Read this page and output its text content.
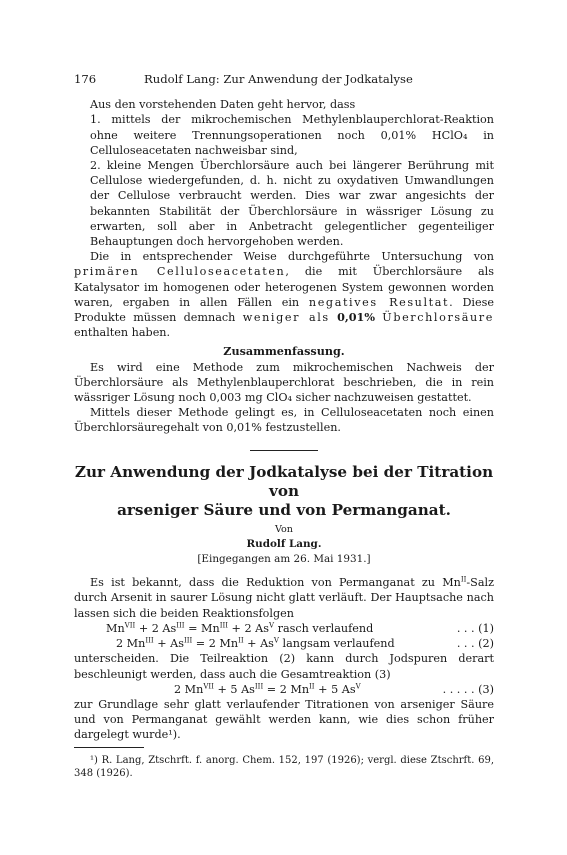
176	Rudolf Lang: Zur Anwendung der Jodkatalyse

Aus den vorstehenden Daten geht hervor, dass

1. mittels der mikrochemischen Methylenblauperchlorat-Reaktion ohne weitere Trennungsoperationen noch 0,01% HClO₄ in Celluloseacetaten nachweisbar sind,
2. kleine Mengen Überchlorsäure auch bei längerer Berührung mit Cellulose wiedergefunden, d. h. nicht zu oxydativen Umwandlungen der Cellulose verbraucht werden. Dies war zwar angesichts der bekannten Stabilität der Überchlorsäure in wässriger Lösung zu erwarten, soll aber in Anbetracht gelegentlicher gegenteiliger Behauptungen doch hervorgehoben werden.

Die in entsprechender Weise durchgeführte Untersuchung von primären Celluloseacetaten, die mit Überchlorsäure als Katalysator im homogenen oder heterogenen System gewonnen worden waren, ergaben in allen Fällen ein negatives Resultat. Diese Produkte müssen demnach weniger als 0,01% Überchlorsäure enthalten haben.

Zusammenfassung.

Es wird eine Methode zum mikrochemischen Nachweis der Überchlorsäure als Methylenblauperchlorat beschrieben, die in rein wässriger Lösung noch 0,003 mg ClO₄ sicher nachzuweisen gestattet.

Mittels dieser Methode gelingt es, in Celluloseacetaten noch einen Überchlorsäuregehalt von 0,01% festzustellen.

Zur Anwendung der Jodkatalyse bei der Titration von
arseniger Säure und von Permanganat.
Von
Rudolf Lang.
[Eingegangen am 26. Mai 1931.]

Es ist bekannt, dass die Reduktion von Permanganat zu $Mn^{II}$-Salz durch Arsenit in saurer Lösung nicht glatt verläuft. Der Hauptsache nach lassen sich die beiden Reaktionsfolgen

$Mn^{VII} + 2$ $As^{III} = Mn^{III} + 2$ $As^V$ rasch verlaufend	. . . (1)
2 $Mn^{III} + As^{III} = 2$ $Mn^{II} + As^V$ langsam verlaufend	. . . (2)

unterscheiden. Die Teilreaktion (2) kann durch Jodspuren derart beschleunigt werden, dass auch die Gesamtreaktion (3)

2 $Mn^{VII} + 5$ $As^{III} = 2$ $Mn^{II} + 5$ $As^V$	. . . . . (3)

zur Grundlage sehr glatt verlaufender Titrationen von arseniger Säure und von Permanganat gewählt werden kann, wie dies schon früher dargelegt wurde¹).

¹) R. Lang, Ztschrft. f. anorg. Chem. 152, 197 (1926); vergl. diese Ztschrft. 69, 348 (1926).
